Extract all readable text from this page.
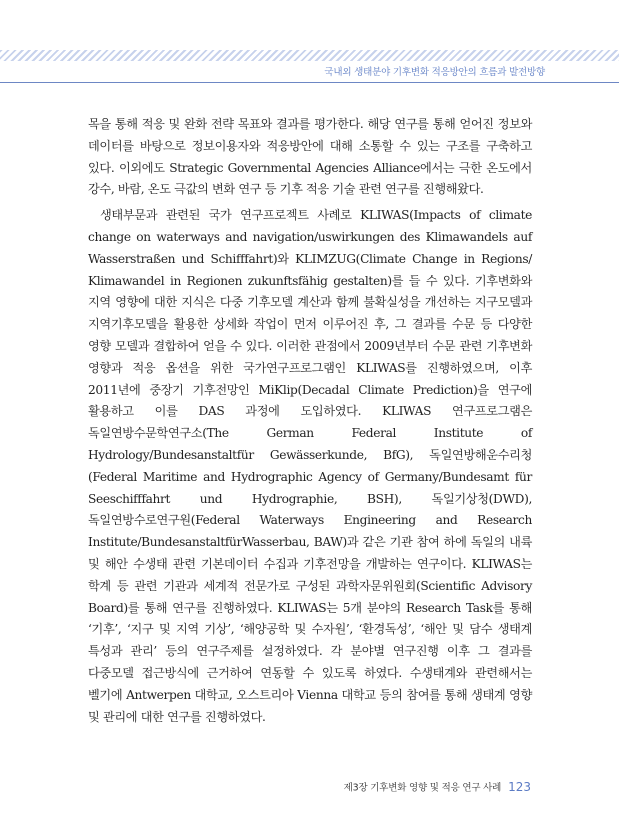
국내외 생태분야 기후변화 적응방안의 흐름과 발전방향

목을 통해 적응 및 완화 전략 목표와 결과를 평가한다. 해당 연구를 통해 얻어진 정보와 데이터를 바탕으로 정보이용자와 적응방안에 대해 소통할 수 있는 구조를 구축하고 있다. 이외에도 Strategic Governmental Agencies Alliance에서는 극한 온도에서 강수, 바람, 온도 극값의 변화 연구 등 기후 적응 기술 관련 연구를 진행해왔다.

생태부문과 관련된 국가 연구프로젝트 사례로 KLIWAS(Impacts of climate change on waterways and navigation/uswirkungen des Klimawandels auf Wasserstraßen und Schifffahrt)와 KLIMZUG(Climate Change in Regions/ Klimawandel in Regionen zukunftsfähig gestalten)를 들 수 있다. 기후변화와 지역 영향에 대한 지식은 다중 기후모델 계산과 함께 불확실성을 개선하는 지구모델과 지역기후모델을 활용한 상세화 작업이 먼저 이루어진 후, 그 결과를 수문 등 다양한 영향 모델과 결합하여 얻을 수 있다. 이러한 관점에서 2009년부터 수문 관련 기후변화 영향과 적응 옵션을 위한 국가연구프로그램인 KLIWAS를 진행하였으며, 이후 2011년에 중장기 기후전망인 MiKlip(Decadal Climate Prediction)을 연구에 활용하고 이를 DAS 과정에 도입하였다. KLIWAS 연구프로그램은 독일연방수문학연구소(The German Federal Institute of Hydrology/Bundesanstaltfür Gewässerkunde, BfG), 독일연방해운수리청(Federal Maritime and Hydrographic Agency of Germany/Bundesamt für Seeschifffahrt und Hydrographie, BSH), 독일기상청(DWD), 독일연방수로연구원(Federal Waterways Engineering and Research Institute/BundesanstaltfürWasserbau, BAW)과 같은 기관 참여 하에 독일의 내륙 및 해안 수생태 관련 기본데이터 수집과 기후전망을 개발하는 연구이다. KLIWAS는 학계 등 관련 기관과 세계적 전문가로 구성된 과학자문위원회(Scientific Advisory Board)를 통해 연구를 진행하였다. KLIWAS는 5개 분야의 Research Task를 통해 ‘기후’, ‘지구 및 지역 기상’, ‘해양공학 및 수자원’, ‘환경독성’, ‘해안 및 담수 생태계 특성과 관리’ 등의 연구주제를 설정하였다. 각 분야별 연구진행 이후 그 결과를 다중모델 접근방식에 근거하여 연동할 수 있도록 하였다. 수생태계와 관련해서는 벨기에 Antwerpen 대학교, 오스트리아 Vienna 대학교 등의 참여를 통해 생태계 영향 및 관리에 대한 연구를 진행하였다.

제3장 기후변화 영향 및 적응 연구 사례 123
